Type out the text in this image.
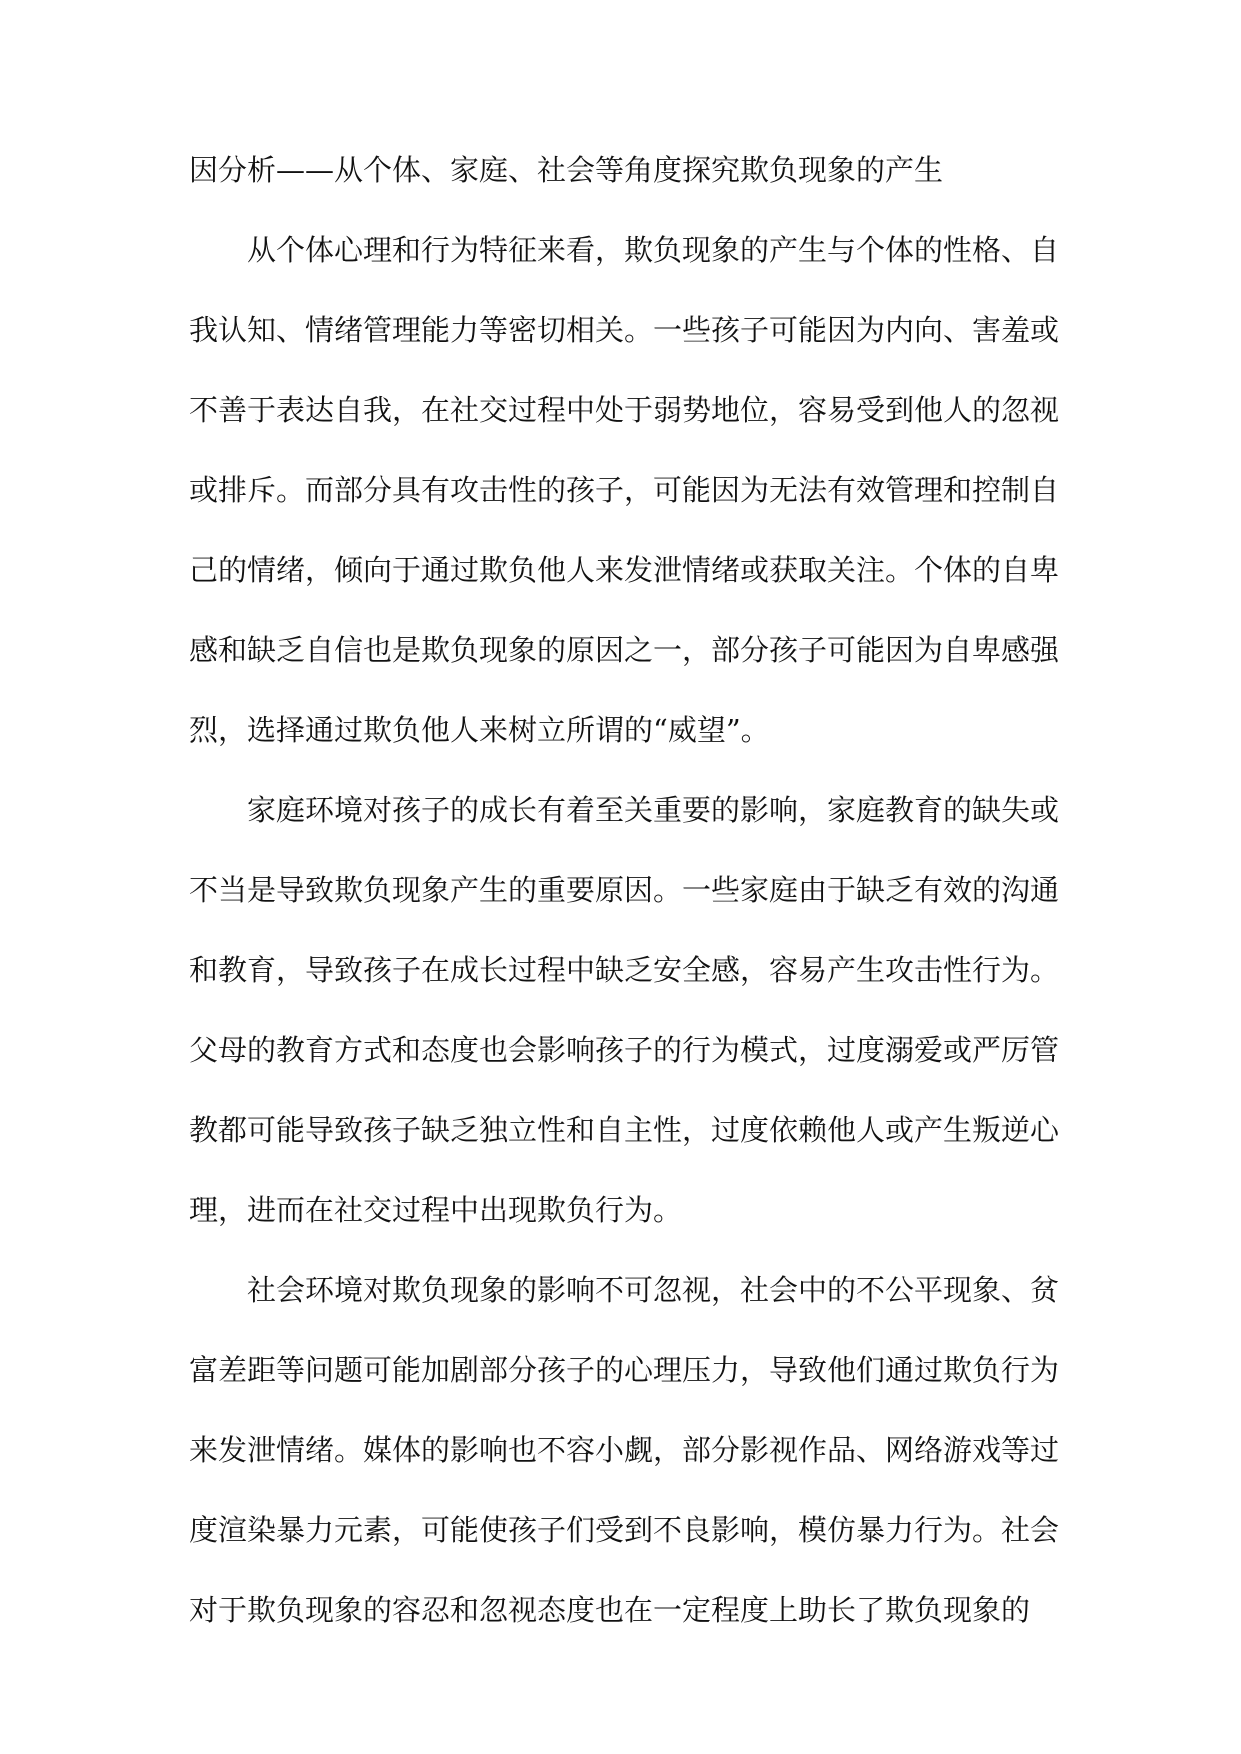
因分析——从个体、家庭、社会等角度探究欺负现象的产生
从个体心理和行为特征来看，欺负现象的产生与个体的性格、自
我认知、情绪管理能力等密切相关。一些孩子可能因为内向、害羞或
不善于表达自我，在社交过程中处于弱势地位，容易受到他人的忽视
或排斥。而部分具有攻击性的孩子，可能因为无法有效管理和控制自
己的情绪，倾向于通过欺负他人来发泄情绪或获取关注。个体的自卑
感和缺乏自信也是欺负现象的原因之一，部分孩子可能因为自卑感强
烈，选择通过欺负他人来树立所谓的“威望”。
家庭环境对孩子的成长有着至关重要的影响，家庭教育的缺失或
不当是导致欺负现象产生的重要原因。一些家庭由于缺乏有效的沟通
和教育，导致孩子在成长过程中缺乏安全感，容易产生攻击性行为。
父母的教育方式和态度也会影响孩子的行为模式，过度溺爱或严厉管
教都可能导致孩子缺乏独立性和自主性，过度依赖他人或产生叛逆心
理，进而在社交过程中出现欺负行为。
社会环境对欺负现象的影响不可忽视，社会中的不公平现象、贫
富差距等问题可能加剧部分孩子的心理压力，导致他们通过欺负行为
来发泄情绪。媒体的影响也不容小觑，部分影视作品、网络游戏等过
度渲染暴力元素，可能使孩子们受到不良影响，模仿暴力行为。社会
对于欺负现象的容忍和忽视态度也在一定程度上助长了欺负现象的
